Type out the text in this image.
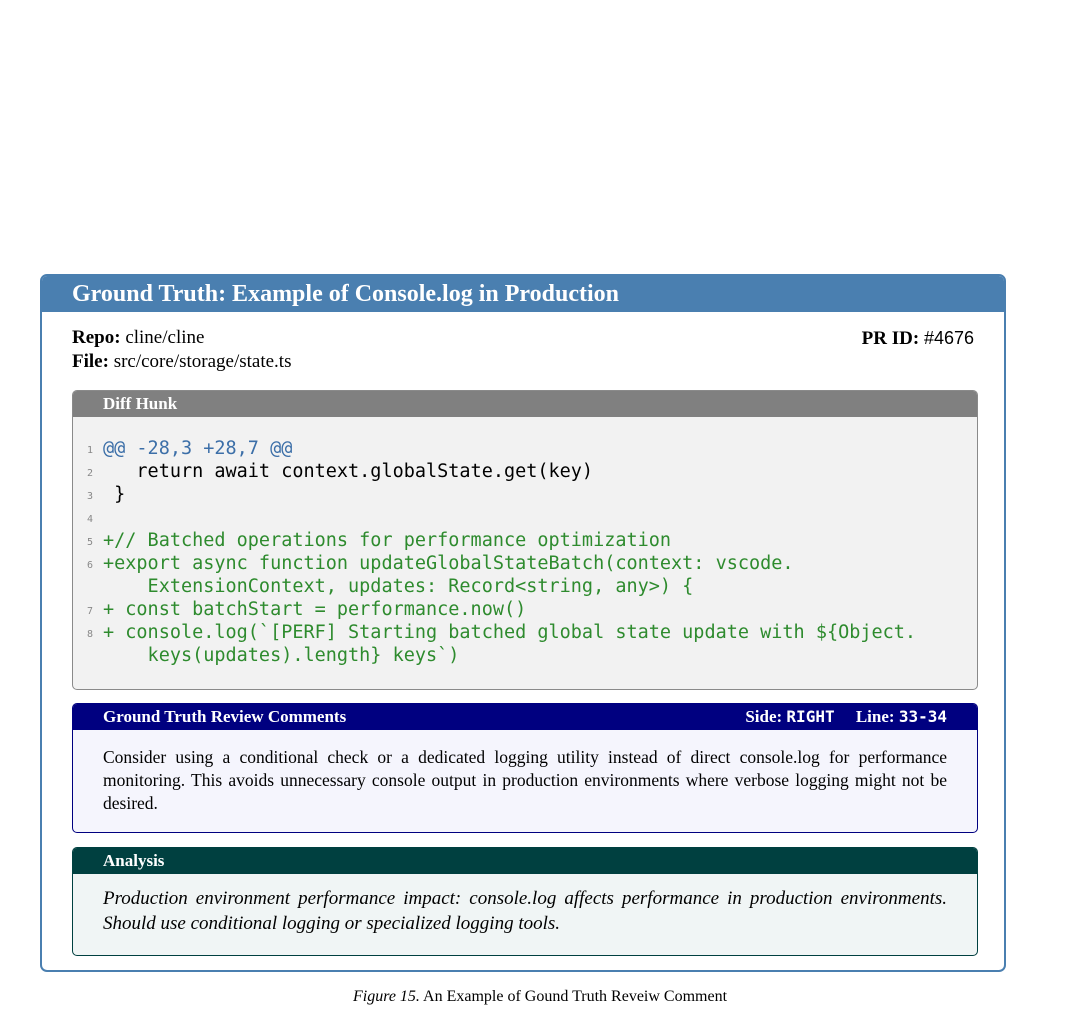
Ground Truth: Example of Console.log in Production
Repo: cline/cline
File: src/core/storage/state.ts
PR ID: #4676
Diff Hunk
1 @@ -28,3 +28,7 @@
2 return await context.globalState.get(key)
3 }
4
5 +// Batched operations for performance optimization
6 +export async function updateGlobalStateBatch(context: vscode.
ExtensionContext, updates: Record<string, any>) {
7 + const batchStart = performance.now()
8 + console.log(`[PERF] Starting batched global state update with ${Object.
keys(updates).length} keys`)
Ground Truth Review Comments	Side: RIGHT Line: 33-34
Consider using a conditional check or a dedicated logging utility instead of direct console.log for performance monitoring. This avoids unnecessary console output in production environments where verbose logging might not be desired.
Analysis
Production environment performance impact: console.log affects performance in production environments. Should use conditional logging or specialized logging tools.
Figure 15. An Example of Gound Truth Reveiw Comment
